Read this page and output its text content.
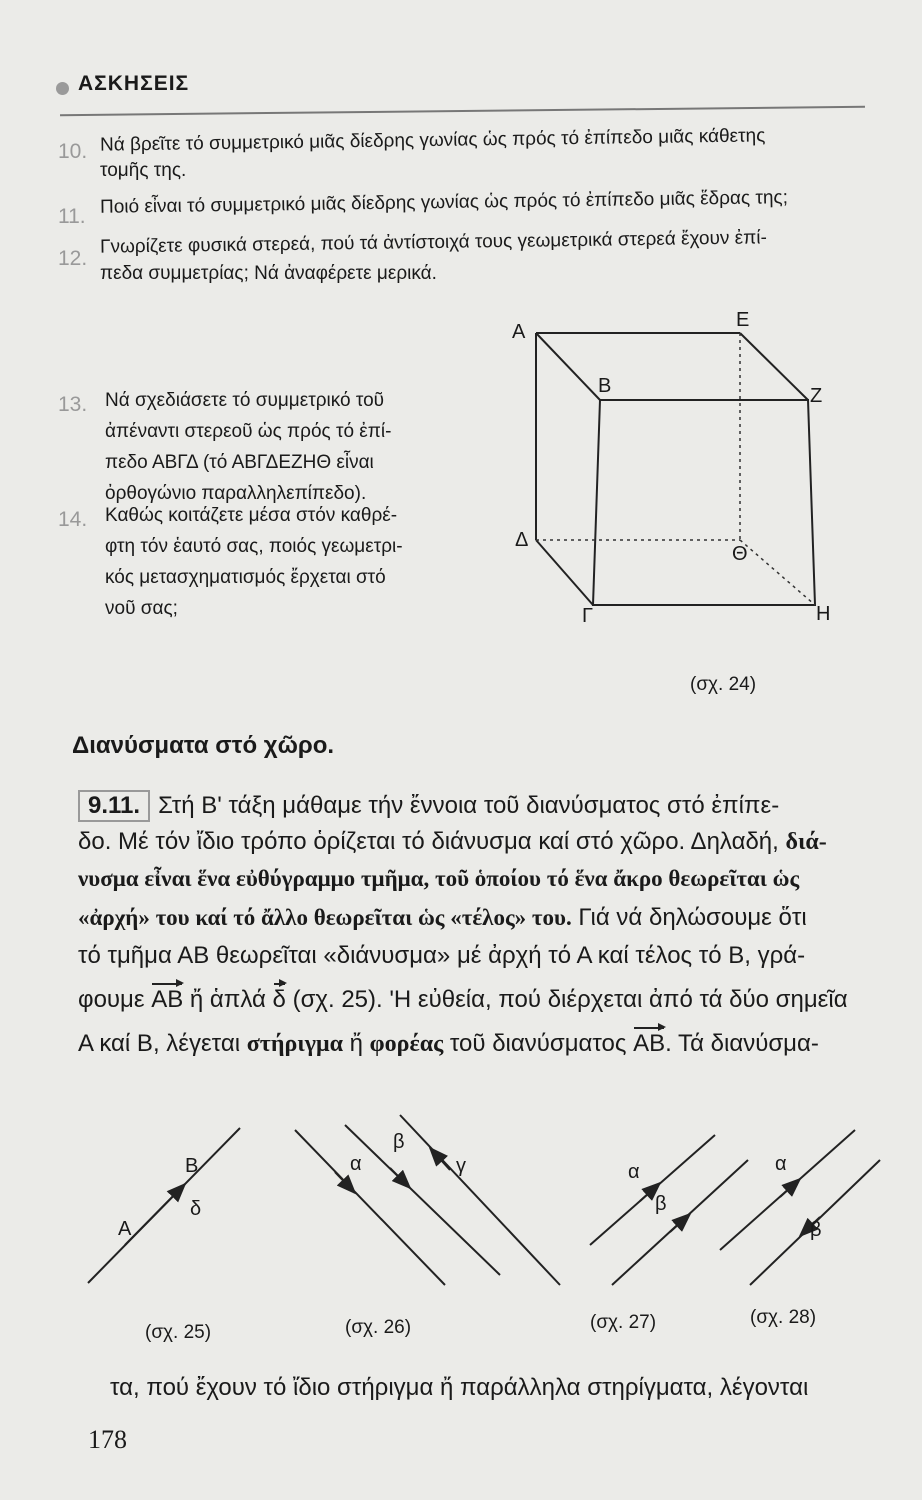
ΑΣΚΗΣΕΙΣ
10. Νά βρεῖτε τό συμμετρικό μιᾶς δίεδρης γωνίας ὡς πρός τό ἐπίπεδο μιᾶς κάθετης
τομῆς της.
11. Ποιό εἶναι τό συμμετρικό μιᾶς δίεδρης γωνίας ὡς πρός τό ἐπίπεδο μιᾶς ἕδρας της;
12.
Γνωρίζετε φυσικά στερεά, πού τά ἀντίστοιχά τους γεωμετρικά στερεά ἔχουν ἐπί-
πεδα συμμετρίας; Νά ἀναφέρετε μερικά.
13. Νά σχεδιάσετε τό συμμετρικό τοῦ
ἀπέναντι στερεοῦ ὡς πρός τό ἐπί-
πεδο ΑΒΓΔ (τό ΑΒΓΔΕΖΗΘ εἶναι
ὀρθογώνιο παραλληλεπίπεδο).
14. Καθώς κοιτάζετε μέσα στόν καθρέ-
φτη τόν ἑαυτό σας, ποιός γεωμετρι-
κός μετασχηματισμός ἔρχεται στό
νοῦ σας;
Α
Ε
Β	Ζ
Δ
Θ
Γ	Η
(σχ. 24)
Διανύσματα στό χῶρο.
9.11. Στή Β' τάξη μάθαμε τήν ἔννοια τοῦ διανύσματος στό ἐπίπε-
δο. Μέ τόν ἴδιο τρόπο ὁρίζεται τό διάνυσμα καί στό χῶρο. Δηλαδή, διά-
νυσμα εἶναι ἕνα εὐθύγραμμο τμῆμα, τοῦ ὁποίου τό ἕνα ἄκρο θεωρεῖται ὡς
«ἀρχή» του καί τό ἄλλο θεωρεῖται ὡς «τέλος» του. Γιά νά δηλώσουμε ὅτι
τό τμῆμα ΑΒ θεωρεῖται «διάνυσμα» μέ ἀρχή τό Α καί τέλος τό Β, γρά-
φουμε ΑΒ ἤ ἁπλά δ (σχ. 25). 'Η εὐθεία, πού διέρχεται ἀπό τά δύο σημεῖα
Α καί Β, λέγεται στήριγμα ἤ φορέας τοῦ διανύσματος ΑΒ. Τά διανύσμα-
Α
Β
δ
α
β
γ	α
β
α
β
(σχ. 25)	(σχ. 26)	(σχ. 27)	(σχ. 28)
τα, πού ἔχουν τό ἴδιο στήριγμα ἤ παράλληλα στηρίγματα, λέγονται
178
